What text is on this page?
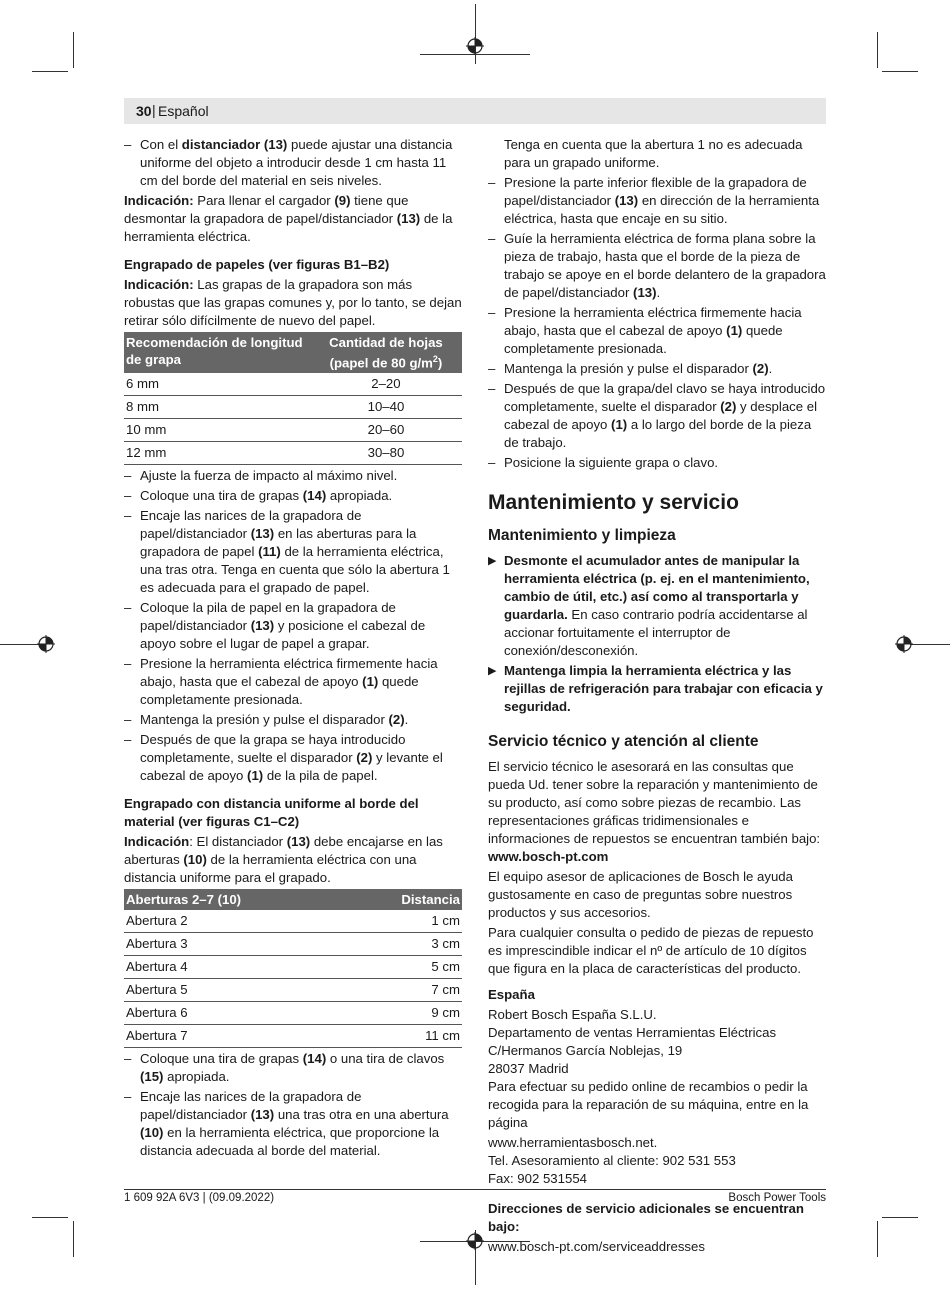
30 | Español
– Con el distanciador (13) puede ajustar una distancia uniforme del objeto a introducir desde 1 cm hasta 11 cm del borde del material en seis niveles.

Indicación: Para llenar el cargador (9) tiene que desmontar la grapadora de papel/distanciador (13) de la herramienta eléctrica.

Engrapado de papeles (ver figuras B1–B2)

Indicación: Las grapas de la grapadora son más robustas que las grapas comunes y, por lo tanto, se dejan retirar sólo difícilmente de nuevo del papel.

Recomendación de longitud de grapa	Cantidad de hojas (papel de 80 $g/m^2$)
6 mm	2–20
8 mm	10–40
10 mm	20–60
12 mm	30–80
– Ajuste la fuerza de impacto al máximo nivel.
– Coloque una tira de grapas (14) apropiada.
– Encaje las narices de la grapadora de papel/distanciador (13) en las aberturas para la grapadora de papel (11) de la herramienta eléctrica, una tras otra. Tenga en cuenta que sólo la abertura 1 es adecuada para el grapado de papel.
– Coloque la pila de papel en la grapadora de papel/distanciador (13) y posicione el cabezal de apoyo sobre el lugar de papel a grapar.
– Presione la herramienta eléctrica firmemente hacia abajo, hasta que el cabezal de apoyo (1) quede completamente presionada.
– Mantenga la presión y pulse el disparador (2).
– Después de que la grapa se haya introducido completamente, suelte el disparador (2) y levante el cabezal de apoyo (1) de la pila de papel.
Engrapado con distancia uniforme al borde del material (ver figuras C1–C2)

Indicación: El distanciador (13) debe encajarse en las aberturas (10) de la herramienta eléctrica con una distancia uniforme para el grapado.

Aberturas 2–7 (10)	Distancia
Abertura 2	1 cm
Abertura 3	3 cm
Abertura 4	5 cm
Abertura 5	7 cm
Abertura 6	9 cm
Abertura 7	11 cm
– Coloque una tira de grapas (14) o una tira de clavos (15) apropiada.
– Encaje las narices de la grapadora de papel/distanciador (13) una tras otra en una abertura (10) en la herramienta eléctrica, que proporcione la distancia adecuada al borde del material.

Tenga en cuenta que la abertura 1 no es adecuada para un grapado uniforme.

– Presione la parte inferior flexible de la grapadora de papel/distanciador (13) en dirección de la herramienta eléctrica, hasta que encaje en su sitio.
– Guíe la herramienta eléctrica de forma plana sobre la pieza de trabajo, hasta que el borde de la pieza de trabajo se apoye en el borde delantero de la grapadora de papel/distanciador (13).
– Presione la herramienta eléctrica firmemente hacia abajo, hasta que el cabezal de apoyo (1) quede completamente presionada.
– Mantenga la presión y pulse el disparador (2).
– Después de que la grapa/del clavo se haya introducido completamente, suelte el disparador (2) y desplace el cabezal de apoyo (1) a lo largo del borde de la pieza de trabajo.
– Posicione la siguiente grapa o clavo.
Mantenimiento y servicio
Mantenimiento y limpieza
▶ Desmonte el acumulador antes de manipular la herramienta eléctrica (p. ej. en el mantenimiento, cambio de útil, etc.) así como al transportarla y guardarla. En caso contrario podría accidentarse al accionar fortuitamente el interruptor de conexión/desconexión.
▶ Mantenga limpia la herramienta eléctrica y las rejillas de refrigeración para trabajar con eficacia y seguridad.
Servicio técnico y atención al cliente

El servicio técnico le asesorará en las consultas que pueda Ud. tener sobre la reparación y mantenimiento de su producto, así como sobre piezas de recambio. Las representaciones gráficas tridimensionales e informaciones de repuestos se encuentran también bajo: www.bosch-pt.com

El equipo asesor de aplicaciones de Bosch le ayuda gustosamente en caso de preguntas sobre nuestros productos y sus accesorios.

Para cualquier consulta o pedido de piezas de repuesto es imprescindible indicar el nº de artículo de 10 dígitos que figura en la placa de características del producto.

España
Robert Bosch España S.L.U.
Departamento de ventas Herramientas Eléctricas
C/Hermanos García Noblejas, 19
28037 Madrid

Para efectuar su pedido online de recambios o pedir la recogida para la reparación de su máquina, entre en la página

www.herramientasbosch.net.
Tel. Asesoramiento al cliente: 902 531 553
Fax: 902 531554
Direcciones de servicio adicionales se encuentran bajo:
www.bosch-pt.com/serviceaddresses
1 609 92A 6V3 | (09.09.2022)	Bosch Power Tools
